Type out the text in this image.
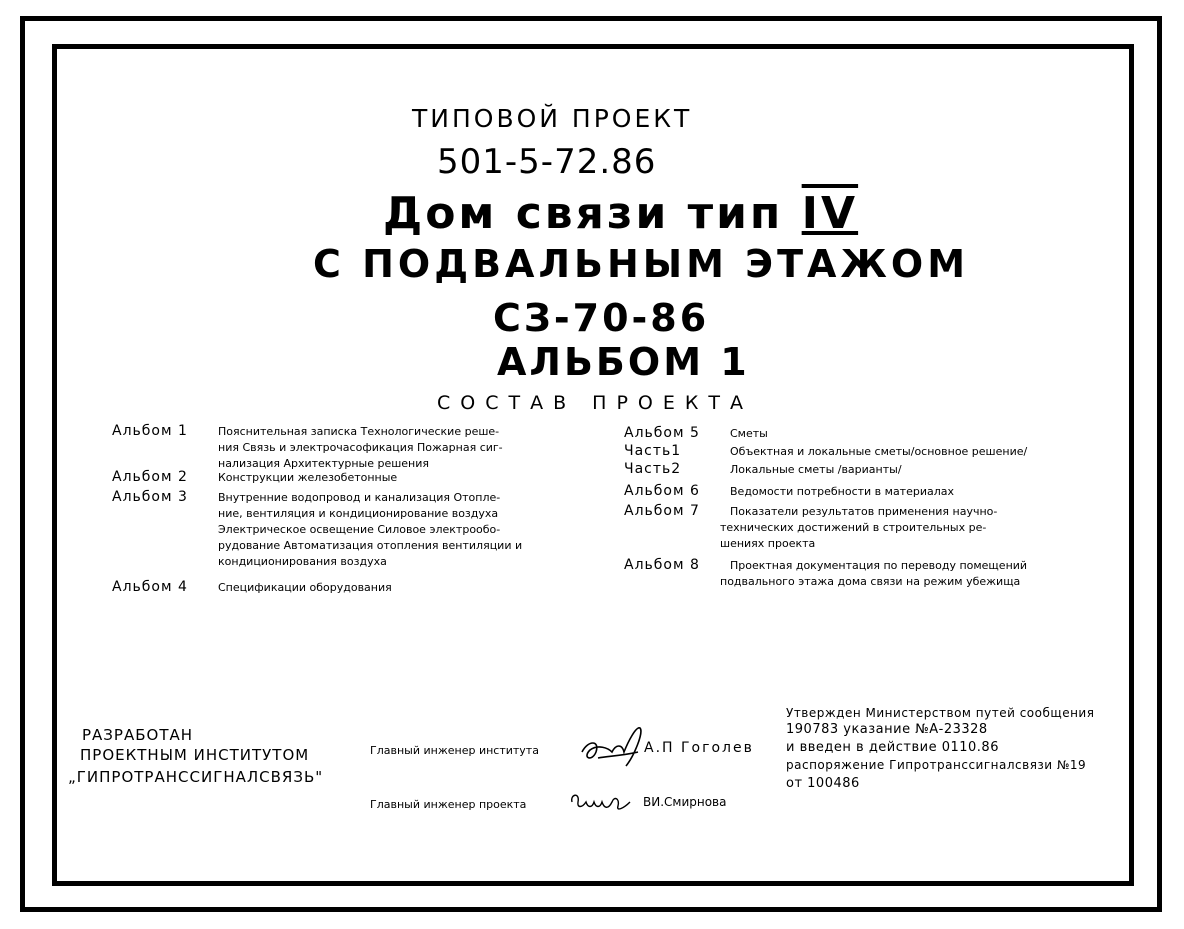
ТИПОВОЙ ПРОЕКТ
501-5-72.86
Дом связи тип IV
С ПОДВАЛЬНЫМ ЭТАЖОМ
СЗ-70-86
АЛЬБОМ 1
СОСТАВ ПРОЕКТА
Альбом 1	Пояснительная записка Технологические реше-
ния Связь и электрочасофикация Пожарная сиг-
нализация Архитектурные решения
Альбом 2	Конструкции железобетонные
Альбом 3	Внутренние водопровод и канализация Отопле-
ние, вентиляция и кондиционирование воздуха
Электрическое освещение Силовое электрообо-
рудование Автоматизация отопления вентиляции и
кондиционирования воздуха
Альбом 4	Спецификации оборудования
Альбом 5	Сметы
Часть1	Объектная и локальные сметы/основное решение/
Часть2	Локальные сметы /варианты/
Альбом 6	Ведомости потребности в материалах
Альбом 7	Показатели результатов применения научно-
технических достижений в строительных ре-
шениях проекта
Альбом 8	Проектная документация по переводу помещений
подвального этажа дома связи на режим убежища
РАЗРАБОТАН
ПРОЕКТНЫМ ИНСТИТУТОМ
„ГИПРОТРАНССИГНАЛСВЯЗЬ"
Главный инженер института	А.П Гоголев
Главный инженер проекта	ВИ.Смирнова
Утвержден Министерством путей сообщения
190783 указание №А-23328
и введен в действие 0110.86
распоряжение Гипротранссигналсвязи №19
от 100486
